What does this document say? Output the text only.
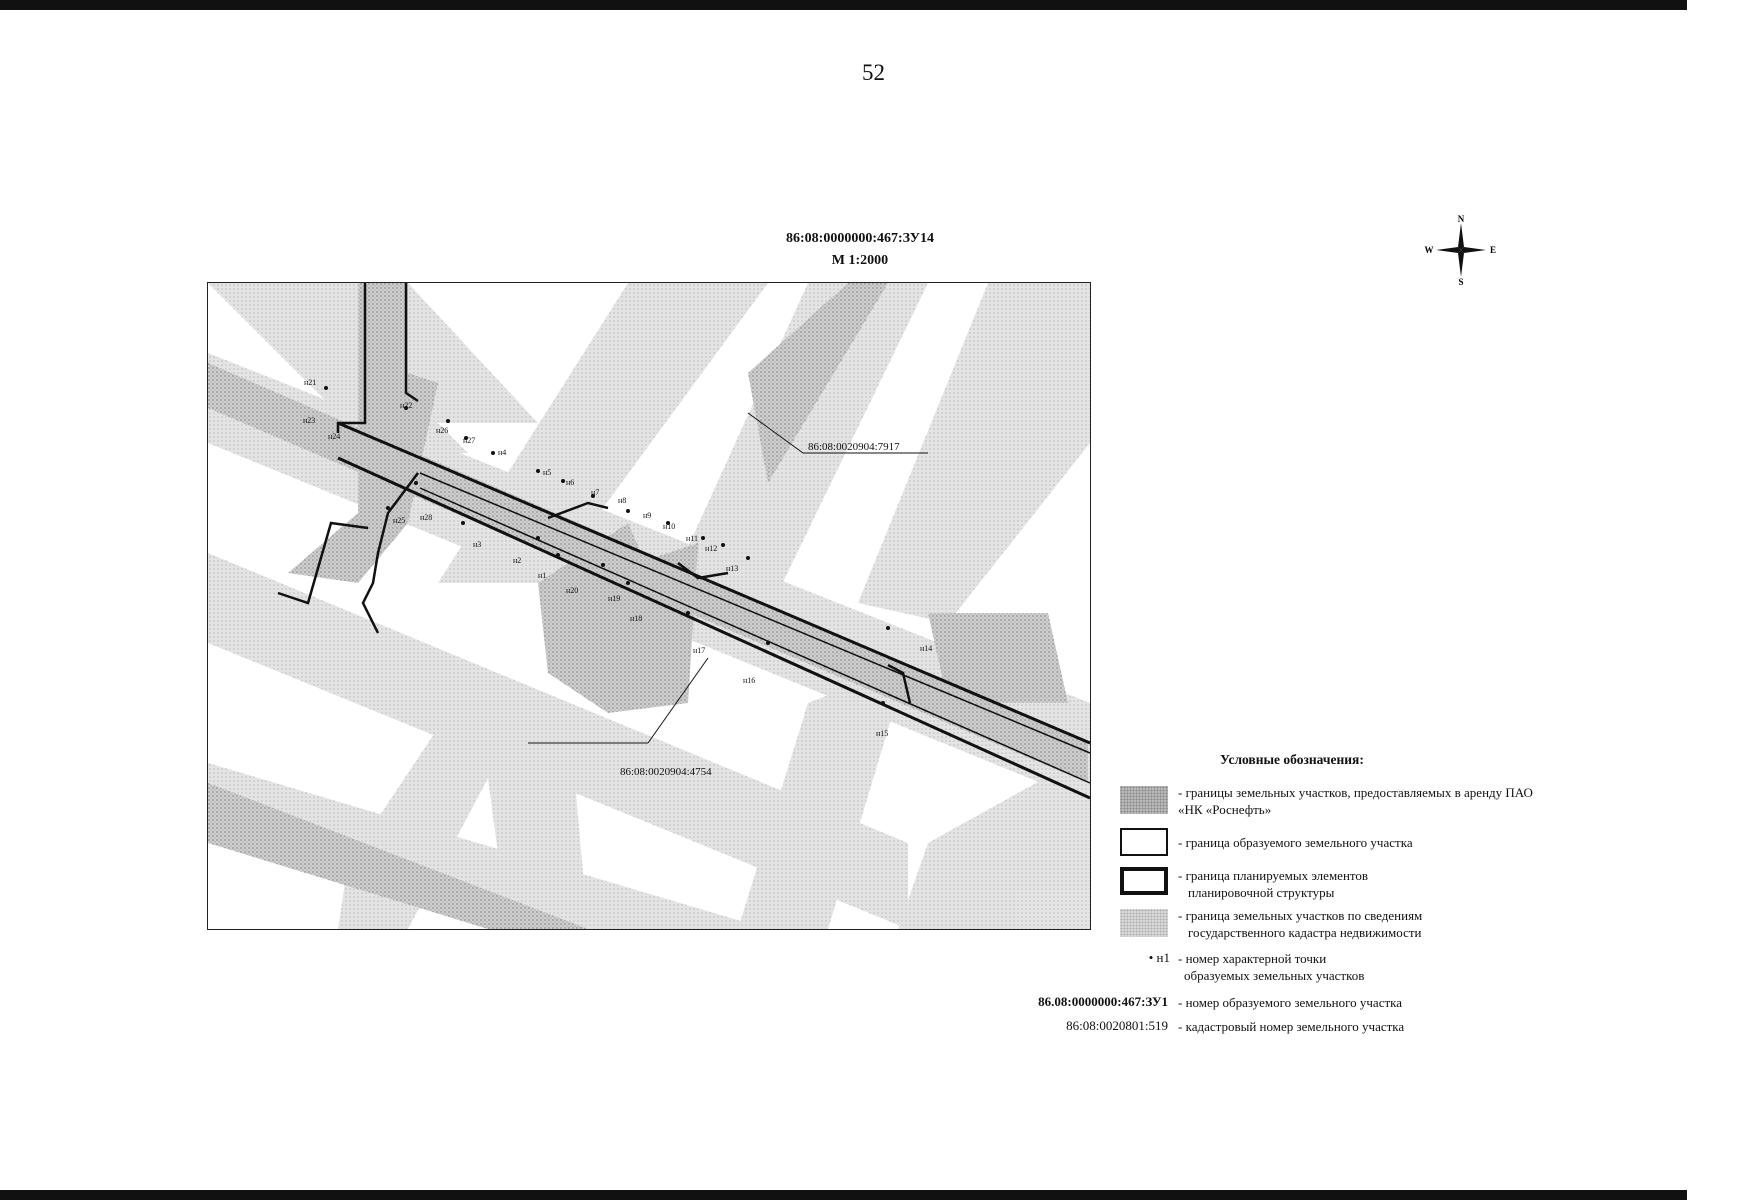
52
86:08:0000000:467:ЗУ14
М 1:2000
N
S
W	E
н21
н22
н23
н24
н25
н26
н27
н28
н4
н5
н6
н7
н8
н9
н10
н11
н12
н13
н14
н15
н16
н17
н18
н19
н20
н1
н2
н3
86:08:0020904:7917
86:08:0020904:4754
Условные обозначения:
- границы земельных участков, предоставляемых в аренду ПАО «НК «Роснефть»
- граница образуемого земельного участка
- граница планируемых элементов
планировочной структуры
- граница земельных участков по сведениям
государственного кадастра недвижимости
• н1 - номер характерной точки
образуемых земельных участков
86.08:0000000:467:ЗУ1 - номер образуемого земельного участка
86:08:0020801:519 - кадастровый номер земельного участка
